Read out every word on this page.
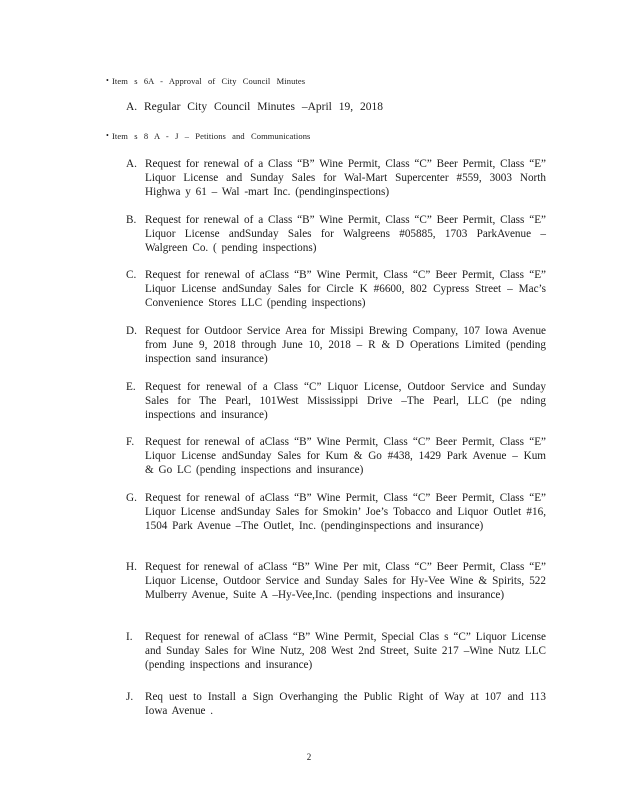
• Item s 6A - Approval of City Council Minutes
A. Regular City Council Minutes –April 19, 2018
• Item s 8 A - J – Petitions and Communications
A. Request for renewal of a Class “B” Wine Permit, Class “C” Beer Permit, Class “E” Liquor License and Sunday Sales for Wal-Mart Supercenter #559, 3003 North Highwa y 61 – Wal -mart Inc. (pendinginspections)
B. Request for renewal of a Class “B” Wine Permit, Class “C” Beer Permit, Class “E” Liquor License andSunday Sales for Walgreens #05885, 1703 ParkAvenue –Walgreen Co. ( pending inspections)
C. Request for renewal of aClass “B” Wine Permit, Class “C” Beer Permit, Class “E” Liquor License andSunday Sales for Circle K #6600, 802 Cypress Street – Mac’s Convenience Stores LLC (pending inspections)
D. Request for Outdoor Service Area for Missipi Brewing Company, 107 Iowa Avenue from June 9, 2018 through June 10, 2018 – R & D Operations Limited (pending inspection sand insurance)
E. Request for renewal of a Class “C” Liquor License, Outdoor Service and Sunday Sales for The Pearl, 101West Mississippi Drive –The Pearl, LLC (pe nding inspections and insurance)
F. Request for renewal of aClass “B” Wine Permit, Class “C” Beer Permit, Class “E” Liquor License andSunday Sales for Kum & Go #438, 1429 Park Avenue – Kum & Go LC (pending inspections and insurance)
G. Request for renewal of aClass “B” Wine Permit, Class “C” Beer Permit, Class “E” Liquor License andSunday Sales for Smokin’ Joe’s Tobacco and Liquor Outlet #16, 1504 Park Avenue –The Outlet, Inc. (pendinginspections and insurance)
H. Request for renewal of aClass “B” Wine Per mit, Class “C” Beer Permit, Class “E” Liquor License, Outdoor Service and Sunday Sales for Hy-Vee Wine & Spirits, 522 Mulberry Avenue, Suite A –Hy-Vee,Inc. (pending inspections and insurance)
I. Request for renewal of aClass “B” Wine Permit, Special Clas s “C” Liquor License and Sunday Sales for Wine Nutz, 208 West 2nd Street, Suite 217 –Wine Nutz LLC (pending inspections and insurance)
J. Req uest to Install a Sign Overhanging the Public Right of Way at 107 and 113 Iowa Avenue .
2
